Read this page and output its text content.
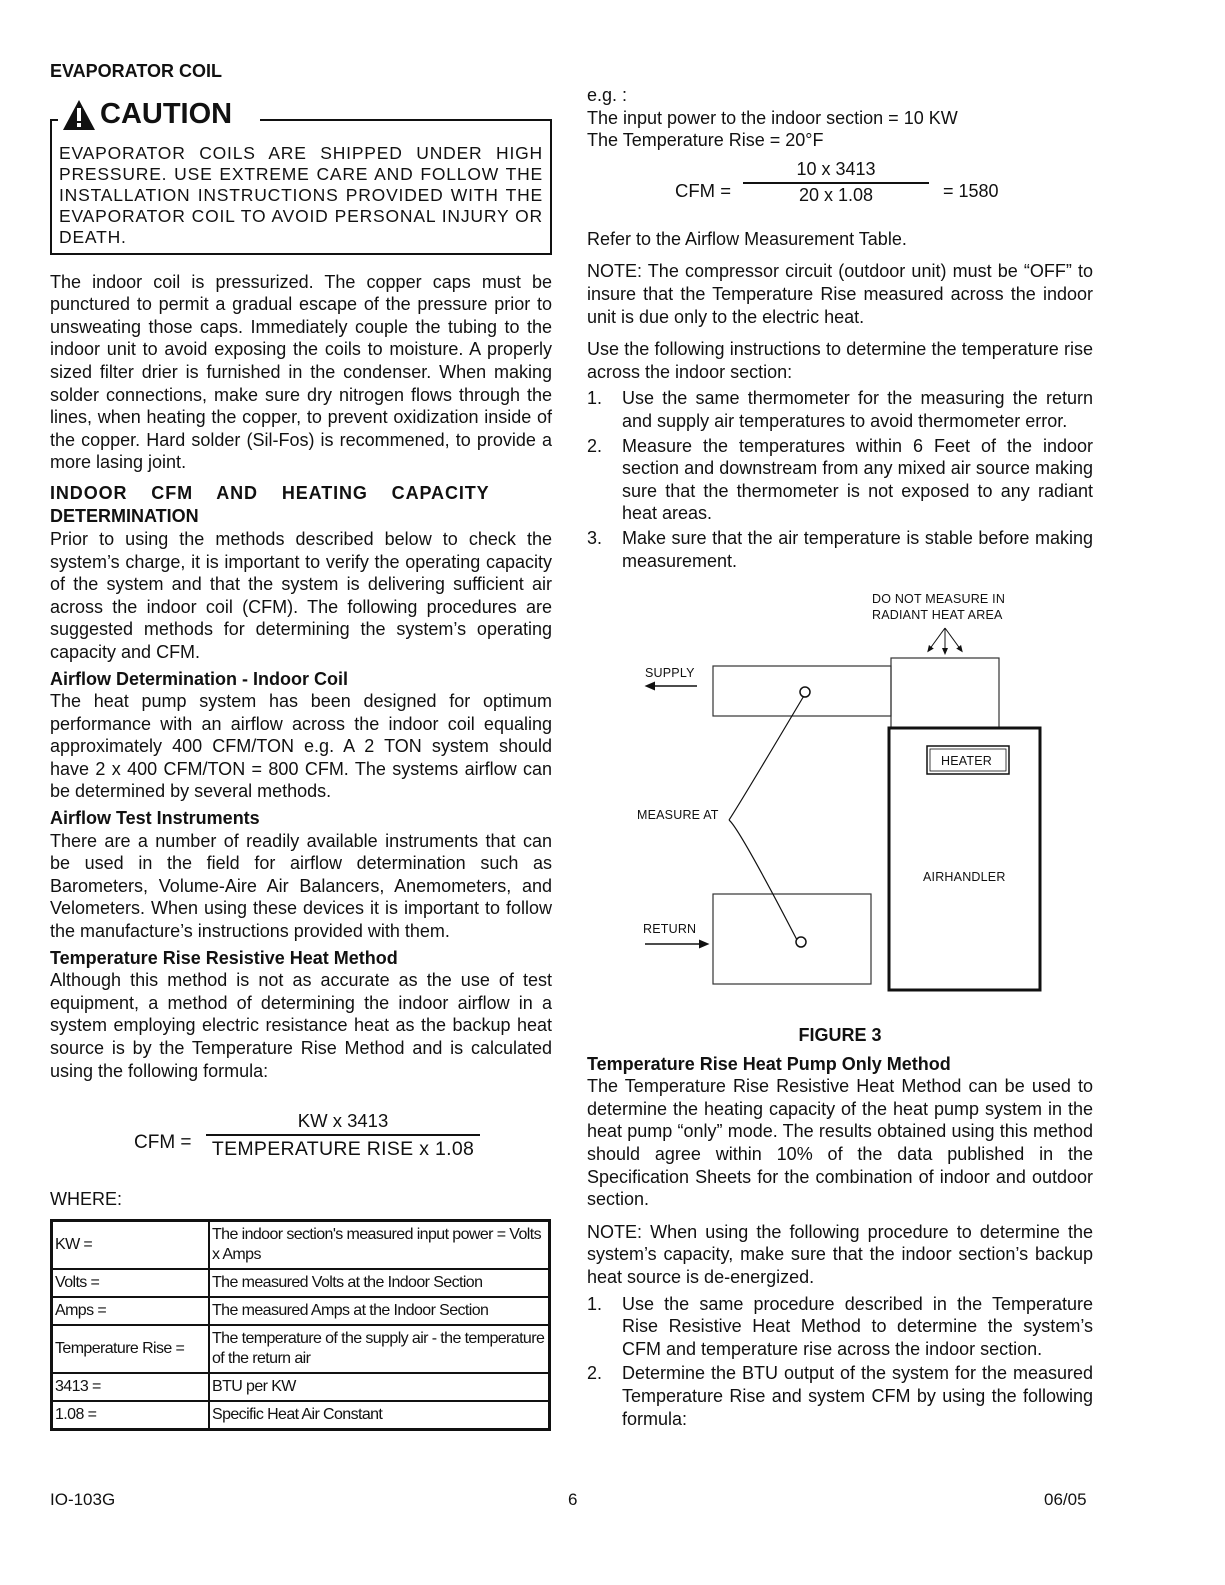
EVAPORATOR COIL
CAUTION
EVAPORATOR COILS ARE SHIPPED UNDER HIGH PRESSURE. USE EXTREME CARE AND FOLLOW THE INSTALLATION INSTRUCTIONS PROVIDED WITH THE EVAPORATOR COIL TO AVOID PERSONAL INJURY OR DEATH.

The indoor coil is pressurized. The copper caps must be punctured to permit a gradual escape of the pressure prior to unsweating those caps. Immediately couple the tubing to the indoor unit to avoid exposing the coils to moisture. A properly sized filter drier is furnished in the condenser. When making solder connections, make sure dry nitrogen flows through the lines, when heating the copper, to prevent oxidization inside of the copper. Hard solder (Sil-Fos) is recommened, to provide a more lasing joint.

INDOOR CFM AND HEATING CAPACITY
DETERMINATION

Prior to using the methods described below to check the system’s charge, it is important to verify the operating capacity of the system and that the system is delivering sufficient air across the indoor coil (CFM). The following procedures are suggested methods for determining the system’s operating capacity and CFM.

Airflow Determination - Indoor Coil

The heat pump system has been designed for optimum performance with an airflow across the indoor coil equaling approximately 400 CFM/TON e.g. A 2 TON system should have 2 x 400 CFM/TON = 800 CFM. The systems airflow can be determined by several methods.

Airflow Test Instruments

There are a number of readily available instruments that can be used in the field for airflow determination such as Barometers, Volume-Aire Air Balancers, Anemometers, and Velometers. When using these devices it is important to follow the manufacture’s instructions provided with them.

Temperature Rise Resistive Heat Method

Although this method is not as accurate as the use of test equipment, a method of determining the indoor airflow in a system employing electric resistance heat as the backup heat source is by the Temperature Rise Method and is calculated using the following formula:

CFM =
KW x 3413
TEMPERATURE RISE x 1.08
WHERE:
KW =	The indoor section's measured input power = Volts x Amps
Volts =	The measured Volts at the Indoor Section
Amps =	The measured Amps at the Indoor Section
Temperature Rise =	The temperature of the supply air - the temperature of the return air
3413 =	BTU per KW
1.08 =	Specific Heat Air Constant
e.g. :
The input power to the indoor section = 10 KW
The Temperature Rise = 20°F
CFM =
10 x 3413
20 x 1.08	= 1580

Refer to the Airflow Measurement Table.

NOTE: The compressor circuit (outdoor unit) must be “OFF” to insure that the Temperature Rise measured across the indoor unit is due only to the electric heat.

Use the following instructions to determine the temperature rise across the indoor section:

1. Use the same thermometer for the measuring the return and supply air temperatures to avoid thermometer error.
2. Measure the temperatures within 6 Feet of the indoor section and downstream from any mixed air source making sure that the thermometer is not exposed to any radiant heat areas.
3. Make sure that the air temperature is stable before making measurement.
DO NOT MEASURE IN
RADIANT HEAT AREA
SUPPLY
MEASURE AT
RETURN
HEATER
AIRHANDLER
FIGURE 3
Temperature Rise Heat Pump Only Method

The Temperature Rise Resistive Heat Method can be used to determine the heating capacity of the heat pump system in the heat pump “only” mode. The results obtained using this method should agree within 10% of the data published in the Specification Sheets for the combination of indoor and outdoor section.

NOTE: When using the following procedure to determine the system’s capacity, make sure that the indoor section’s backup heat source is de-energized.

1. Use the same procedure described in the Temperature Rise Resistive Heat Method to determine the system’s CFM and temperature rise across the indoor section.
2. Determine the BTU output of the system for the measured Temperature Rise and system CFM by using the following formula:
IO-103G	6	06/05
